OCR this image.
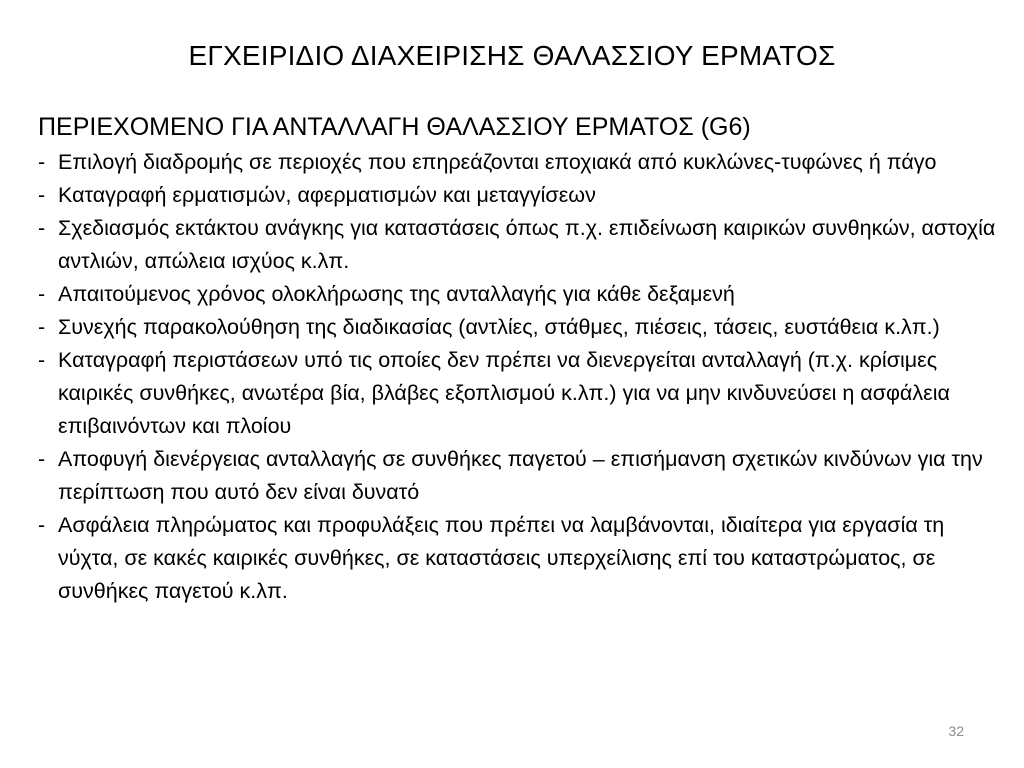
ΕΓΧΕΙΡΙΔΙΟ ΔΙΑΧΕΙΡΙΣΗΣ ΘΑΛΑΣΣΙΟΥ ΕΡΜΑΤΟΣ
ΠΕΡΙΕΧΟΜΕΝΟ ΓΙΑ ΑΝΤΑΛΛΑΓΗ ΘΑΛΑΣΣΙΟΥ ΕΡΜΑΤΟΣ (G6)
- Επιλογή διαδρομής σε περιοχές που επηρεάζονται εποχιακά από κυκλώνες-τυφώνες ή πάγο
- Καταγραφή ερματισμών, αφερματισμών και μεταγγίσεων
- Σχεδιασμός εκτάκτου ανάγκης για καταστάσεις όπως π.χ. επιδείνωση καιρικών συνθηκών, αστοχία αντλιών, απώλεια ισχύος κ.λπ.
- Απαιτούμενος χρόνος ολοκλήρωσης της ανταλλαγής για κάθε δεξαμενή
- Συνεχής παρακολούθηση της διαδικασίας (αντλίες, στάθμες, πιέσεις, τάσεις, ευστάθεια κ.λπ.)
- Καταγραφή περιστάσεων υπό τις οποίες δεν πρέπει να διενεργείται ανταλλαγή (π.χ. κρίσιμες καιρικές συνθήκες, ανωτέρα βία, βλάβες εξοπλισμού κ.λπ.) για να μην κινδυνεύσει η ασφάλεια επιβαινόντων και πλοίου
- Αποφυγή διενέργειας ανταλλαγής σε συνθήκες παγετού – επισήμανση σχετικών κινδύνων για την περίπτωση που αυτό δεν είναι δυνατό
- Ασφάλεια πληρώματος και προφυλάξεις που πρέπει να λαμβάνονται, ιδιαίτερα για εργασία τη νύχτα, σε κακές καιρικές συνθήκες, σε καταστάσεις υπερχείλισης επί του καταστρώματος, σε συνθήκες παγετού κ.λπ.
32
